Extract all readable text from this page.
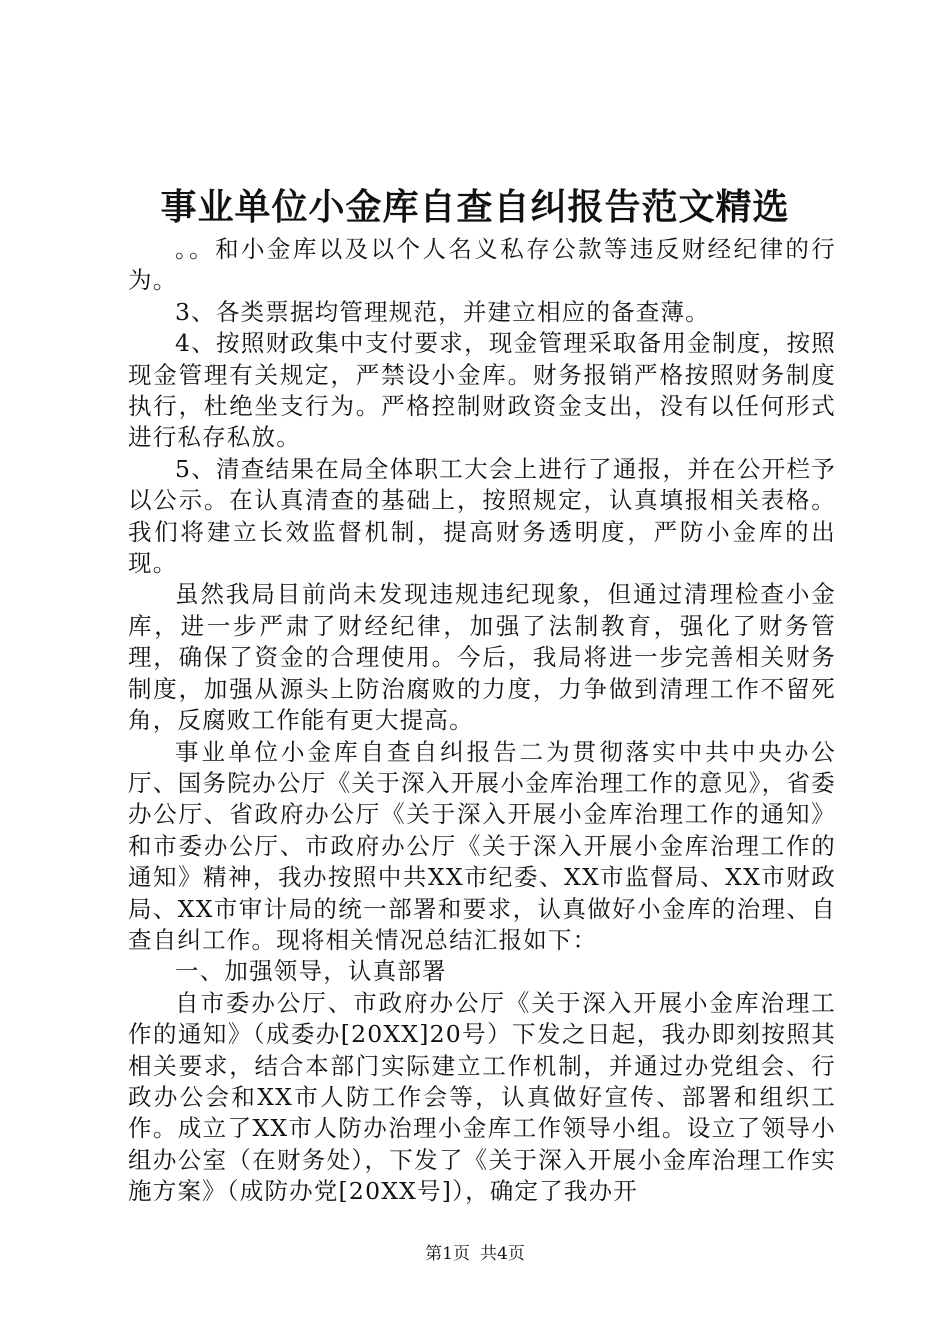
事业单位小金库自查自纠报告范文精选

。。和小金库以及以个人名义私存公款等违反财经纪律的行为。

3、各类票据均管理规范，并建立相应的备查薄。

4、按照财政集中支付要求，现金管理采取备用金制度，按照现金管理有关规定，严禁设小金库。财务报销严格按照财务制度执行，杜绝坐支行为。严格控制财政资金支出，没有以任何形式进行私存私放。

5、清查结果在局全体职工大会上进行了通报，并在公开栏予以公示。在认真清查的基础上，按照规定，认真填报相关表格。我们将建立长效监督机制，提高财务透明度，严防小金库的出现。

虽然我局目前尚未发现违规违纪现象，但通过清理检查小金库，进一步严肃了财经纪律，加强了法制教育，强化了财务管理，确保了资金的合理使用。今后，我局将进一步完善相关财务制度，加强从源头上防治腐败的力度，力争做到清理工作不留死角，反腐败工作能有更大提高。

事业单位小金库自查自纠报告二为贯彻落实中共中央办公厅、国务院办公厅《关于深入开展小金库治理工作的意见》，省委办公厅、省政府办公厅《关于深入开展小金库治理工作的通知》和市委办公厅、市政府办公厅《关于深入开展小金库治理工作的通知》精神，我办按照中共XX市纪委、XX市监督局、XX市财政局、XX市审计局的统一部署和要求，认真做好小金库的治理、自查自纠工作。现将相关情况总结汇报如下：

一、加强领导，认真部署

自市委办公厅、市政府办公厅《关于深入开展小金库治理工作的通知》（成委办[20XX]20号）下发之日起，我办即刻按照其相关要求，结合本部门实际建立工作机制，并通过办党组会、行政办公会和XX市人防工作会等，认真做好宣传、部署和组织工作。成立了XX市人防办治理小金库工作领导小组。设立了领导小组办公室（在财务处），下发了《关于深入开展小金库治理工作实施方案》（成防办党[20XX号]），确定了我办开

第1页 共4页
